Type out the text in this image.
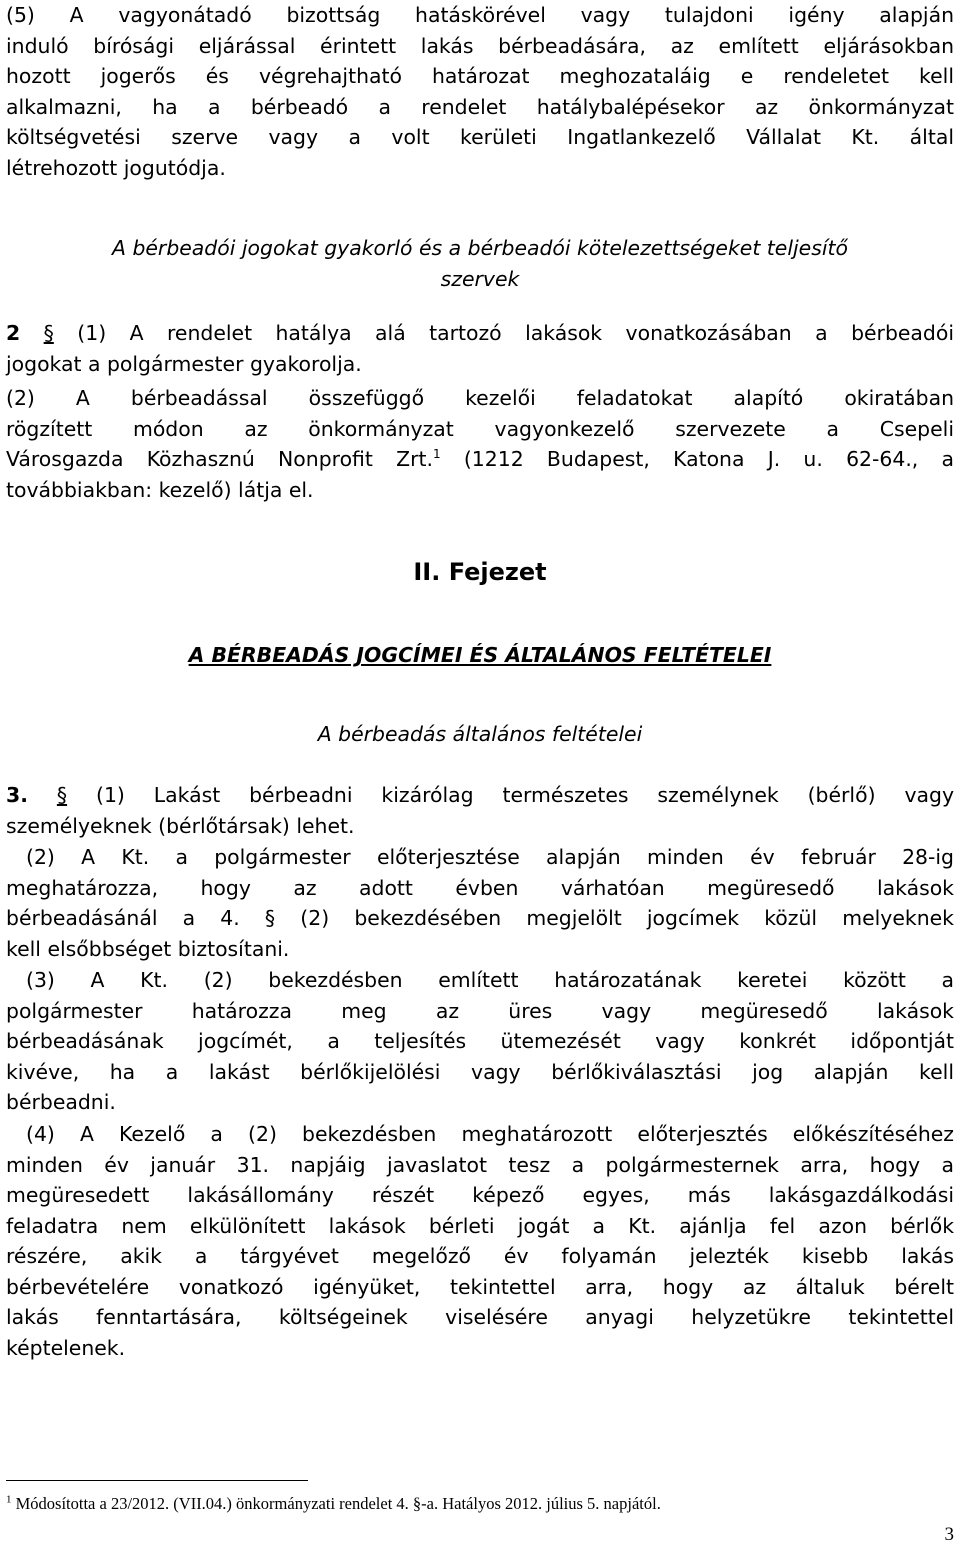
(5) A vagyonátadó bizottság hatáskörével vagy tulajdoni igény alapján
induló bírósági eljárással érintett lakás bérbeadására, az említett eljárásokban
hozott jogerős és végrehajtható határozat meghozataláig e rendeletet kell
alkalmazni, ha a bérbeadó a rendelet hatálybalépésekor az önkormányzat
költségvetési szerve vagy a volt kerületi Ingatlankezelő Vállalat Kt. által
létrehozott jogutódja.
A bérbeadói jogokat gyakorló és a bérbeadói kötelezettségeket teljesítő
szervek
2 § (1) A rendelet hatálya alá tartozó lakások vonatkozásában a bérbeadói
jogokat a polgármester gyakorolja.
(2) A bérbeadással összefüggő kezelői feladatokat alapító okiratában
rögzített módon az önkormányzat vagyonkezelő szervezete a Csepeli
Városgazda Közhasznú Nonprofit Zrt.$^1$ (1212 Budapest, Katona J. u. 62-64., a
továbbiakban: kezelő) látja el.
II. Fejezet
A BÉRBEADÁS JOGCÍMEI ÉS ÁLTALÁNOS FELTÉTELEI
A bérbeadás általános feltételei
3. § (1) Lakást bérbeadni kizárólag természetes személynek (bérlő) vagy
személyeknek (bérlőtársak) lehet.
(2) A Kt. a polgármester előterjesztése alapján minden év február 28-ig
meghatározza, hogy az adott évben várhatóan megüresedő lakások
bérbeadásánál a 4. § (2) bekezdésében megjelölt jogcímek közül melyeknek
kell elsőbbséget biztosítani.
(3) A Kt. (2) bekezdésben említett határozatának keretei között a
polgármester határozza meg az üres vagy megüresedő lakások
bérbeadásának jogcímét, a teljesítés ütemezését vagy konkrét időpontját
kivéve, ha a lakást bérlőkijelölési vagy bérlőkiválasztási jog alapján kell
bérbeadni.
(4) A Kezelő a (2) bekezdésben meghatározott előterjesztés előkészítéséhez
minden év január 31. napjáig javaslatot tesz a polgármesternek arra, hogy a
megüresedett lakásállomány részét képező egyes, más lakásgazdálkodási
feladatra nem elkülönített lakások bérleti jogát a Kt. ajánlja fel azon bérlők
részére, akik a tárgyévet megelőző év folyamán jelezték kisebb lakás
bérbevételére vonatkozó igényüket, tekintettel arra, hogy az általuk bérelt
lakás fenntartására, költségeinek viselésére anyagi helyzetükre tekintettel
képtelenek.
$^1$ Módosította a 23/2012. (VII.04.) önkormányzati rendelet 4. §-a. Hatályos 2012. július 5. napjától.
3
